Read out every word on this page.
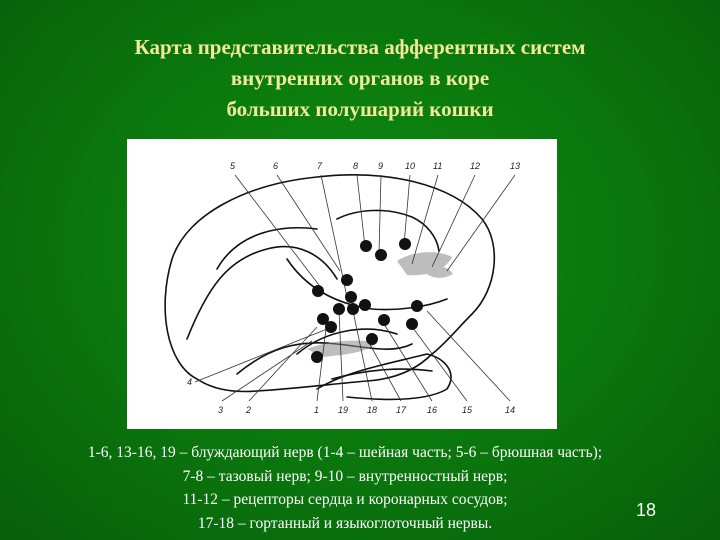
Карта представительства афферентных систем
внутренних органов в коре
больших полушарий кошки
5	6	7	8 9 10 11	12	13
3	2	1 19 18 17 16	15	14
4
1-6, 13-16, 19 – блуждающий нерв (1-4 – шейная часть; 5-6 – брюшная часть);
7-8 – тазовый нерв; 9-10 – внутренностный нерв;
11-12 – рецепторы сердца и коронарных сосудов;
17-18 – гортанный и языкоглоточный нервы.
18
